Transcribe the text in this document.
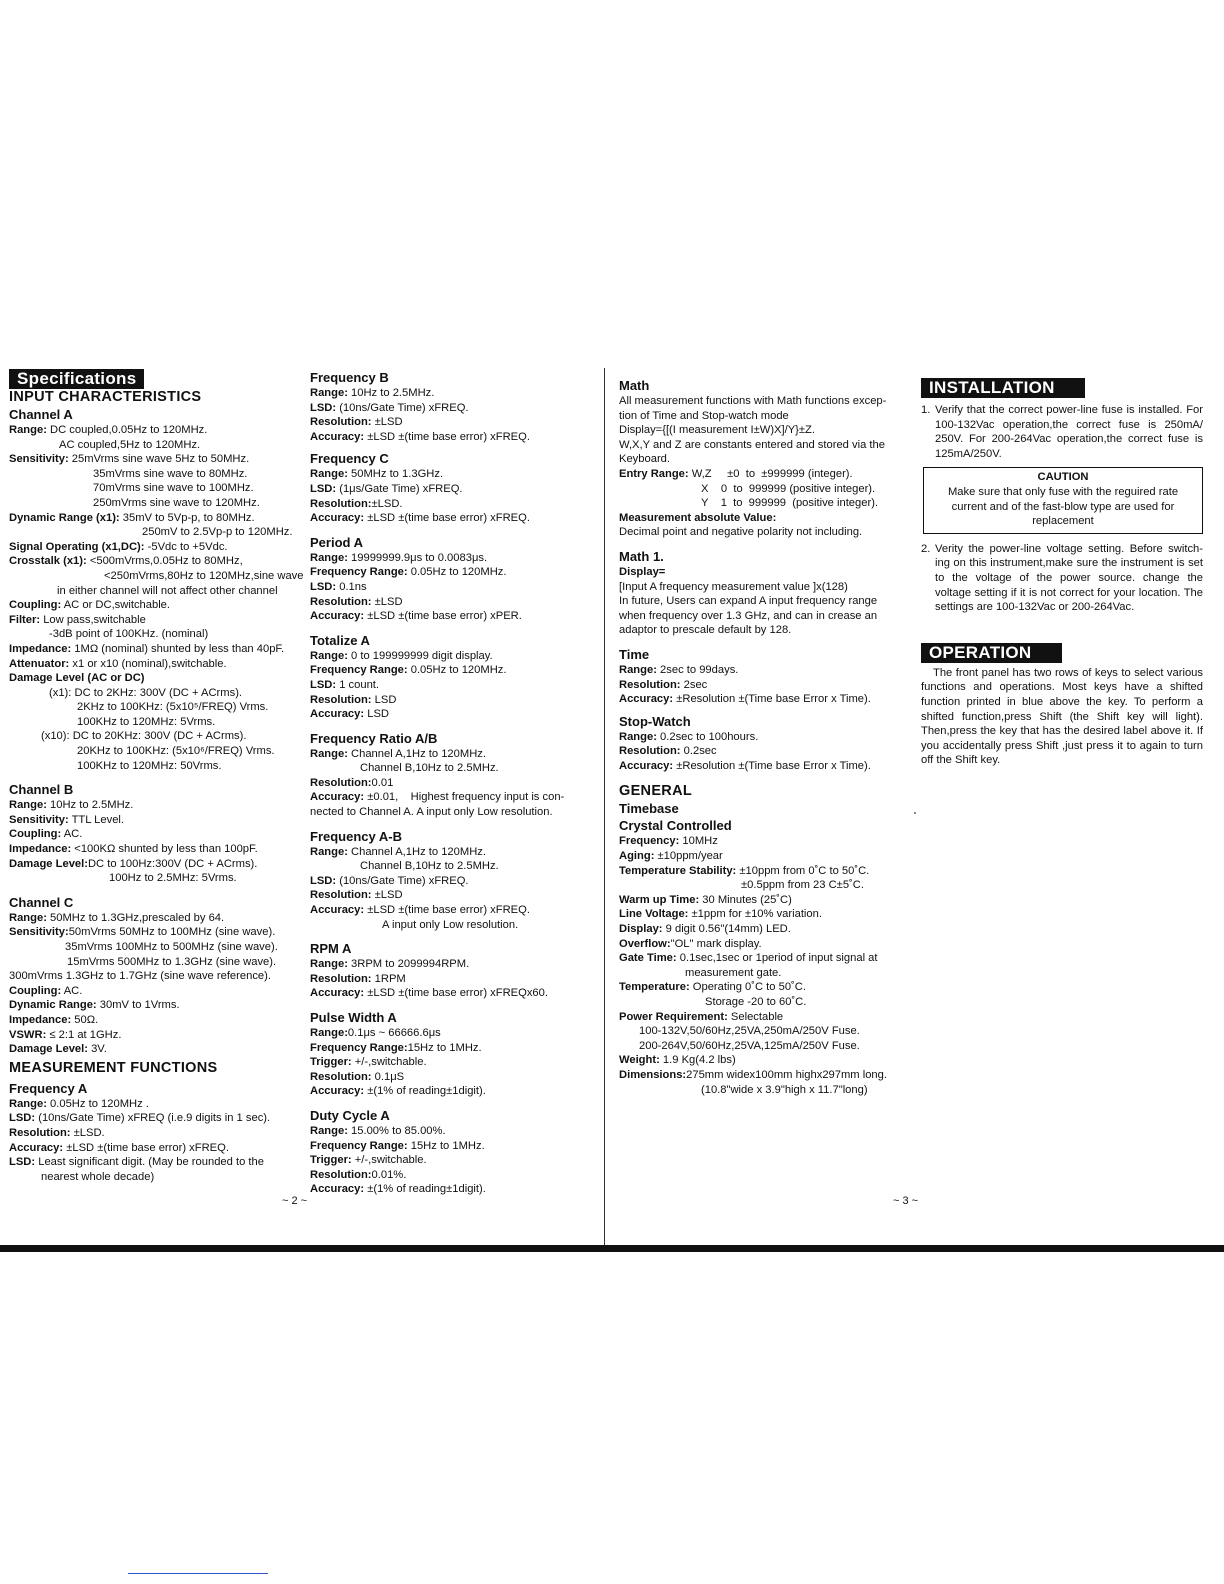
Specifications
INPUT CHARACTERISTICS
Channel A

Range: DC coupled,0.05Hz to 120MHz.

AC coupled,5Hz to 120MHz.

Sensitivity: 25mVrms sine wave 5Hz to 50MHz.

35mVrms sine wave to 80MHz.

70mVrms sine wave to 100MHz.

250mVrms sine wave to 120MHz.

Dynamic Range (x1): 35mV to 5Vp-p, to 80MHz.

250mV to 2.5Vp-p to 120MHz.

Signal Operating (x1,DC): -5Vdc to +5Vdc.

Crosstalk (x1): <500mVrms,0.05Hz to 80MHz,

<250mVrms,80Hz to 120MHz,sine wave

in either channel will not affect other channel

Coupling: AC or DC,switchable.

Filter: Low pass,switchable

-3dB point of 100KHz. (nominal)

Impedance: 1MΩ (nominal) shunted by less than 40pF.

Attenuator: x1 or x10 (nominal),switchable.

Damage Level (AC or DC)

(x1): DC to 2KHz: 300V (DC + ACrms).

2KHz to 100KHz: (5x10⁵/FREQ) Vrms.

100KHz to 120MHz: 5Vrms.

(x10): DC to 20KHz: 300V (DC + ACrms).

20KHz to 100KHz: (5x10⁶/FREQ) Vrms.

100KHz to 120MHz: 50Vrms.

Channel B

Range: 10Hz to 2.5MHz.

Sensitivity: TTL Level.

Coupling: AC.

Impedance: <100KΩ shunted by less than 100pF.

Damage Level:DC to 100Hz:300V (DC + ACrms).

100Hz to 2.5MHz: 5Vrms.

Channel C

Range: 50MHz to 1.3GHz,prescaled by 64.

Sensitivity:50mVrms 50MHz to 100MHz (sine wave).

35mVrms 100MHz to 500MHz (sine wave).

15mVrms 500MHz to 1.3GHz (sine wave).

300mVrms 1.3GHz to 1.7GHz (sine wave reference).

Coupling: AC.

Dynamic Range: 30mV to 1Vrms.

Impedance: 50Ω.

VSWR: ≤ 2:1 at 1GHz.

Damage Level: 3V.

MEASUREMENT FUNCTIONS
Frequency A

Range: 0.05Hz to 120MHz .

LSD: (10ns/Gate Time) xFREQ (i.e.9 digits in 1 sec).

Resolution: ±LSD.

Accuracy: ±LSD ±(time base error) xFREQ.

LSD: Least significant digit. (May be rounded to the

nearest whole decade)

Frequency B

Range: 10Hz to 2.5MHz.

LSD: (10ns/Gate Time) xFREQ.

Resolution: ±LSD

Accuracy: ±LSD ±(time base error) xFREQ.

Frequency C

Range: 50MHz to 1.3GHz.

LSD: (1μs/Gate Time) xFREQ.

Resolution:±LSD.

Accuracy: ±LSD ±(time base error) xFREQ.

Period A

Range: 19999999.9μs to 0.0083μs.

Frequency Range: 0.05Hz to 120MHz.

LSD: 0.1ns

Resolution: ±LSD

Accuracy: ±LSD ±(time base error) xPER.

Totalize A

Range: 0 to 199999999 digit display.

Frequency Range: 0.05Hz to 120MHz.

LSD: 1 count.

Resolution: LSD

Accuracy: LSD

Frequency Ratio A/B

Range: Channel A,1Hz to 120MHz.

Channel B,10Hz to 2.5MHz.

Resolution:0.01

Accuracy: ±0.01,    Highest frequency input is con-

nected to Channel A. A input only Low resolution.

Frequency A-B

Range: Channel A,1Hz to 120MHz.

Channel B,10Hz to 2.5MHz.

LSD: (10ns/Gate Time) xFREQ.

Resolution: ±LSD

Accuracy: ±LSD ±(time base error) xFREQ.

A input only Low resolution.

RPM A

Range: 3RPM to 2099994RPM.

Resolution: 1RPM

Accuracy: ±LSD ±(time base error) xFREQx60.

Pulse Width A

Range:0.1μs ~ 66666.6μs

Frequency Range:15Hz to 1MHz.

Trigger: +/-,switchable.

Resolution: 0.1μS

Accuracy: ±(1% of reading±1digit).

Duty Cycle A

Range: 15.00% to 85.00%.

Frequency Range: 15Hz to 1MHz.

Trigger: +/-,switchable.

Resolution:0.01%.

Accuracy: ±(1% of reading±1digit).

~ 2 ~
Math

All measurement functions with Math functions excep-

tion of Time and Stop-watch mode

Display={[(I measurement I±W)X]/Y}±Z.

W,X,Y and Z are constants entered and stored via the

Keyboard.

Entry Range: W,Z     ±0  to  ±999999 (integer).

X    0  to  999999 (positive integer).

Y    1  to  999999  (positive integer).

Measurement absolute Value:

Decimal point and negative polarity not including.

Math 1.

Display=

[Input A frequency measurement value ]x(128)

In future, Users can expand A input frequency range

when frequency over 1.3 GHz, and can in crease an

adaptor to prescale default by 128.

Time

Range: 2sec to 99days.

Resolution: 2sec

Accuracy: ±Resolution ±(Time base Error x Time).

Stop-Watch

Range: 0.2sec to 100hours.

Resolution: 0.2sec

Accuracy: ±Resolution ±(Time base Error x Time).

GENERAL
Timebase
Crystal Controlled

Frequency: 10MHz

Aging: ±10ppm/year

Temperature Stability: ±10ppm from 0˚C to 50˚C.

±0.5ppm from 23 C±5˚C.

Warm up Time: 30 Minutes (25˚C)

Line Voltage: ±1ppm for ±10% variation.

Display: 9 digit 0.56"(14mm) LED.

Overflow:"OL" mark display.

Gate Time: 0.1sec,1sec or 1period of input signal at

measurement gate.

Temperature: Operating 0˚C to 50˚C.

Storage -20 to 60˚C.

Power Requirement: Selectable

100-132V,50/60Hz,25VA,250mA/250V Fuse.

200-264V,50/60Hz,25VA,125mA/250V Fuse.

Weight: 1.9 Kg(4.2 lbs)

Dimensions:275mm widex100mm highx297mm long.

(10.8"wide x 3.9"high x 11.7"long)

~ 3 ~
INSTALLATION
1. Verify that the correct power-line fuse is installed. For 100-132Vac operation,the correct fuse is 250mA/ 250V. For 200-264Vac operation,the correct fuse is 125mA/250V.

CAUTION
Make sure that only fuse with the reguired rate current and of the fast-blow type are used for replacement
2. Verity the power-line voltage setting. Before switch-ing on this instrument,make sure the instrument is set to the voltage of the power source. change the voltage setting if it is not correct for your location. The settings are 100-132Vac or 200-264Vac.

OPERATION

The front panel has two rows of keys to select various functions and operations. Most keys have a shifted function printed in blue above the key. To perform a shifted function,press Shift (the Shift key will light). Then,press the key that has the desired label above it. If you accidentally press Shift ,just press it to again to turn off the Shift key.
